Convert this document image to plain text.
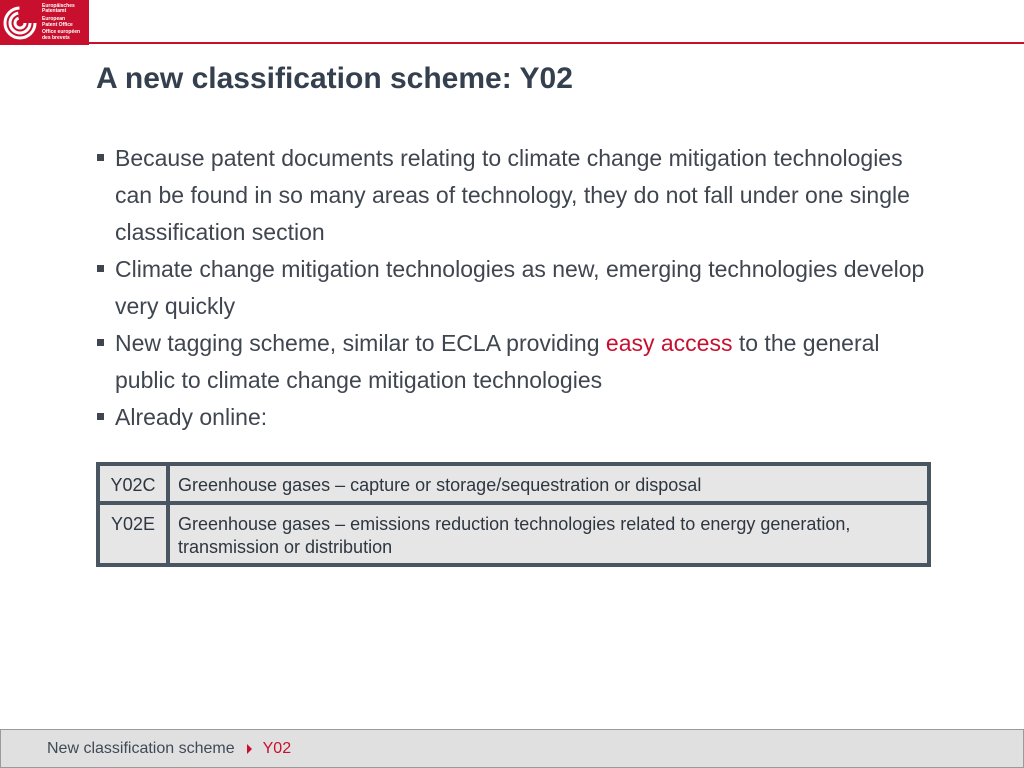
Europäisches
Patentamt
European
Patent Office
Office européen
des brevets
A new classification scheme: Y02
Because patent documents relating to climate change mitigation technologies can be found in so many areas of technology, they do not fall under one single classification section
Climate change mitigation technologies as new, emerging technologies develop very quickly
New tagging scheme, similar to ECLA providing easy access to the general public to climate change mitigation technologies
Already online:
Y02C		Greenhouse gases – capture or storage/sequestration or disposal

Y02E		Greenhouse gases – emissions reduction technologies related to energy generation, transmission or distribution
New classification scheme Y02
